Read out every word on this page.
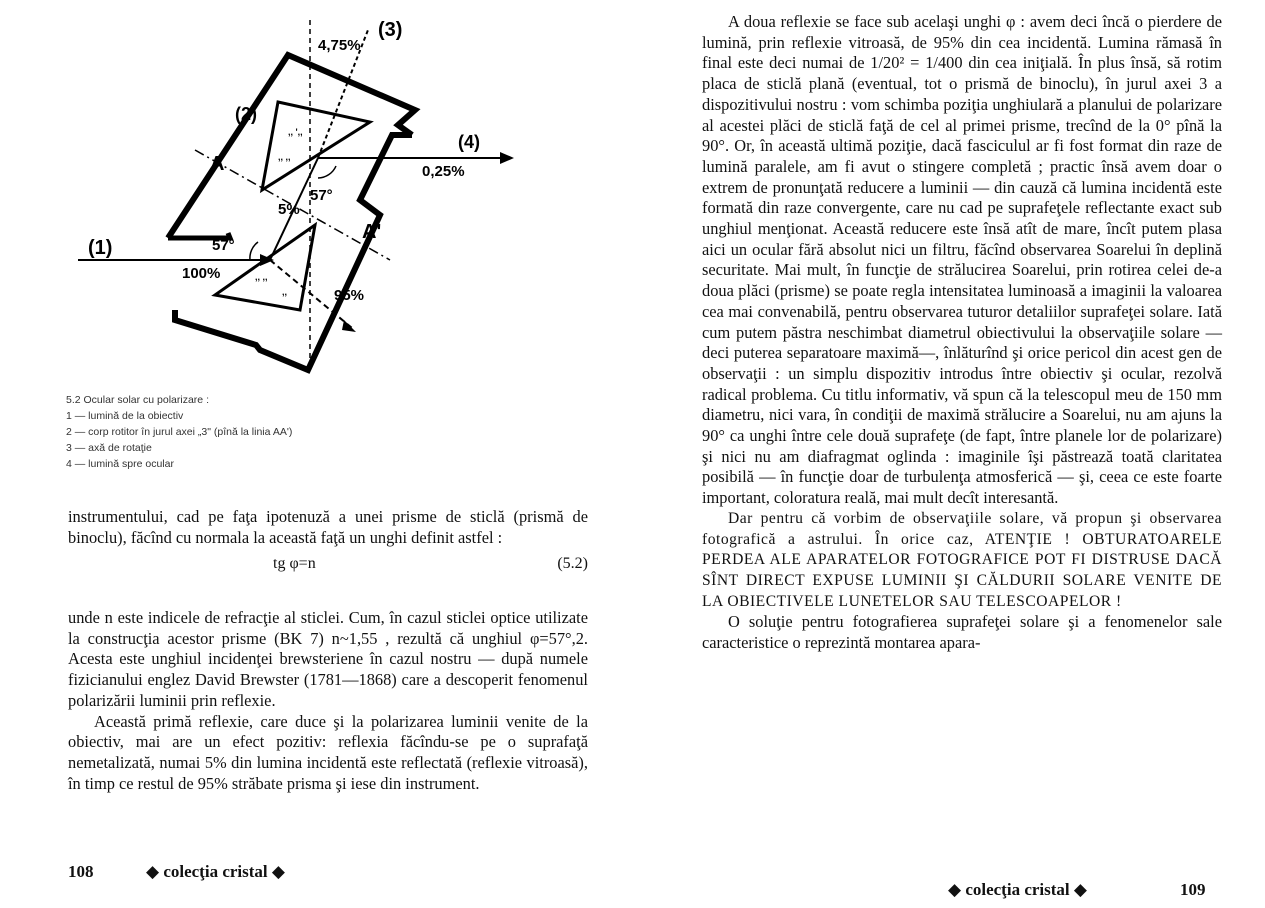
,, ',,
,, ,,
,, ,,
,,
(1)
(2)
(3)
(4)
100%
95%
5%
4,75%
0,25%
57°
57°
A
A'
5.2 Ocular solar cu polarizare :
1 — lumină de la obiectiv
2 — corp rotitor în jurul axei „3" (pînă la linia AA')
3 — axă de rotaţie
4 — lumină spre ocular

instrumentului, cad pe faţa ipotenuză a unei prisme de sticlă (prismă de binoclu), făcînd cu normala la această faţă un unghi definit astfel :

tg φ=n	(5.2)

unde n este indicele de refracţie al sticlei. Cum, în cazul sticlei optice utilizate la construcţia acestor prisme (BK 7) n~1,55 , rezultă că unghiul φ=57°,2. Acesta este unghiul incidenţei brewsteriene în cazul nostru — după numele fizicianului englez David Brewster (1781—1868) care a descoperit fenomenul polarizării luminii prin reflexie.

Această primă reflexie, care duce şi la polarizarea luminii venite de la obiectiv, mai are un efect pozitiv: reflexia făcîndu-se pe o suprafaţă nemetalizată, numai 5% din lumina incidentă este reflectată (reflexie vitroasă), în timp ce restul de 95% străbate prisma şi iese din instrument.

108	◆ colecţia cristal ◆

A doua reflexie se face sub acelaşi unghi φ : avem deci încă o pierdere de lumină, prin reflexie vitroasă, de 95% din cea incidentă. Lumina rămasă în final este deci numai de 1/20² = 1/400 din cea iniţială. În plus însă, să rotim placa de sticlă plană (eventual, tot o prismă de binoclu), în jurul axei 3 a dispozitivului nostru : vom schimba poziţia unghiulară a planului de polarizare al acestei plăci de sticlă faţă de cel al primei prisme, trecînd de la 0° pînă la 90°. Or, în această ultimă poziţie, dacă fasciculul ar fi fost format din raze de lumină paralele, am fi avut o stingere completă ; practic însă avem doar o extrem de pronunţată reducere a luminii — din cauză că lumina incidentă este formată din raze convergente, care nu cad pe suprafeţele reflectante exact sub unghiul menţionat. Această reducere este însă atît de mare, încît putem plasa aici un ocular fără absolut nici un filtru, făcînd observarea Soarelui în deplină securitate. Mai mult, în funcţie de strălucirea Soarelui, prin rotirea celei de-a doua plăci (prisme) se poate regla intensitatea luminoasă a imaginii la valoarea cea mai convenabilă, pentru observarea tuturor detaliilor suprafeţei solare. Iată cum putem păstra neschimbat diametrul obiectivului la observaţiile solare — deci puterea separatoare maximă—, înlăturînd şi orice pericol din acest gen de observaţii : un simplu dispozitiv introdus între obiectiv şi ocular, rezolvă radical problema. Cu titlu informativ, vă spun că la telescopul meu de 150 mm diametru, nici vara, în condiţii de maximă strălucire a Soarelui, nu am ajuns la 90° ca unghi între cele două suprafeţe (de fapt, între planele lor de polarizare) şi nici nu am diafragmat oglinda : imaginile îşi păstrează toată claritatea posibilă — în funcţie doar de turbulenţa atmosferică — şi, ceea ce este foarte important, coloratura reală, mai mult decît interesantă.

Dar pentru că vorbim de observaţiile solare, vă propun şi observarea fotografică a astrului. În orice caz, ATENŢIE ! OBTURATOARELE PERDEA ALE APARATELOR FOTOGRAFICE POT FI DISTRUSE DACĂ SÎNT DIRECT EXPUSE LUMINII ŞI CĂLDURII SOLARE VENITE DE LA OBIECTIVELE LUNETELOR SAU TELESCOAPELOR !

O soluţie pentru fotografierea suprafeţei solare şi a fenomenelor sale caracteristice o reprezintă montarea apara-

◆ colecţia cristal ◆	109
